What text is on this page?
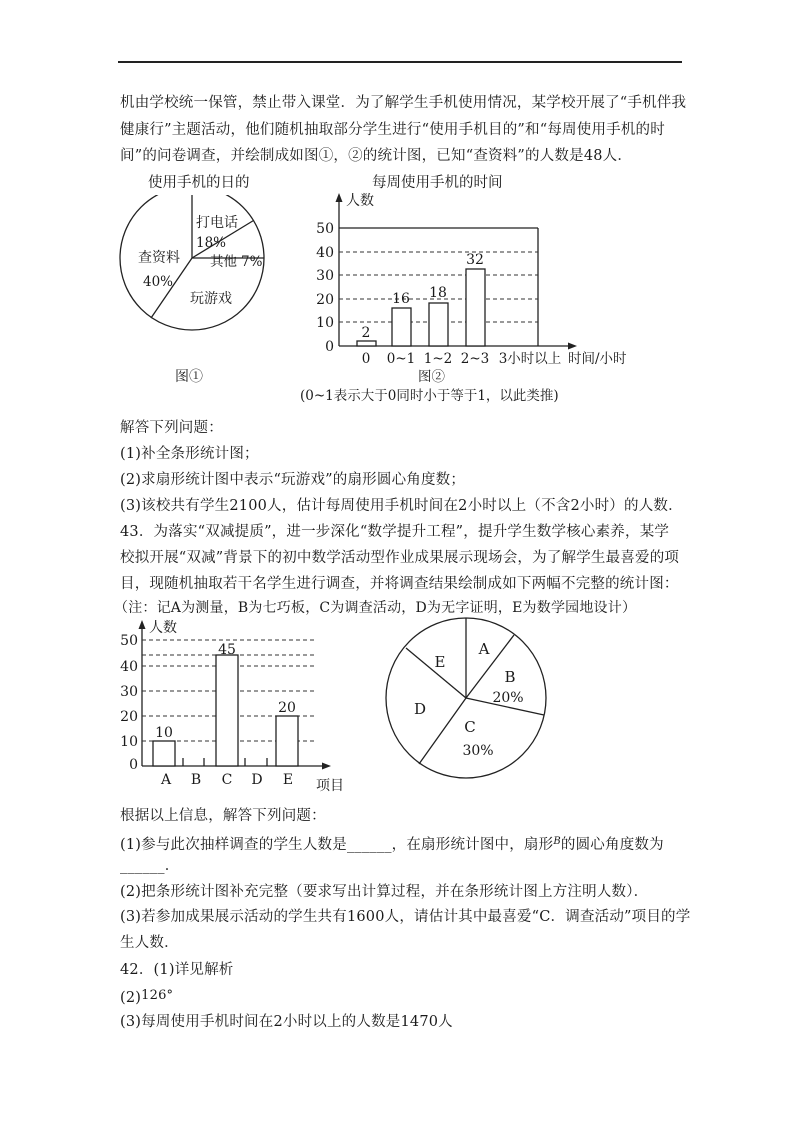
机由学校统一保管，禁止带入课堂．为了解学生手机使用情况，某学校开展了“手机伴我
健康行”主题活动，他们随机抽取部分学生进行“使用手机目的”和“每周使用手机的时
间”的问卷调查，并绘制成如图①，②的统计图，已知“查资料”的人数是48人．
使用手机的日的	每周使用手机的时间
打电话
18%
其他 7%
玩游戏
查资料
40%
图①
50
40
30
20
10
0
人数
2
16 18
32
0 0~1 1~2 2~3 3小时以上 时间/小时
图②
(0~1表示大于0同时小于等于1，以此类推)
解答下列问题：
(1)补全条形统计图；
(2)求扇形统计图中表示“玩游戏”的扇形圆心角度数；
(3)该校共有学生2100人，估计每周使用手机时间在2小时以上（不含2小时）的人数．
43．为落实“双减提质”，进一步深化“数学提升工程”，提升学生数学核心素养，某学
校拟开展“双减”背景下的初中数学活动型作业成果展示现场会，为了解学生最喜爱的项
目，现随机抽取若干名学生进行调查，并将调查结果绘制成如下两幅不完整的统计图：
（注：记A为测量，B为七巧板，C为调查活动，D为无字证明，E为数学园地设计）
50
40
30
20
10
0
人数
10
45
20
A B C D E 项目
A
B
20%
C
30%
D
E
根据以上信息，解答下列问题：
(1)参与此次抽样调查的学生人数是______，在扇形统计图中，扇形$^B$的圆心角度数为
______．
(2)把条形统计图补充完整（要求写出计算过程，并在条形统计图上方注明人数）．
(3)若参加成果展示活动的学生共有1600人，请估计其中最喜爱“C．调查活动”项目的学
生人数．
42．(1)详见解析
(2)126°
(3)每周使用手机时间在2小时以上的人数是1470人
